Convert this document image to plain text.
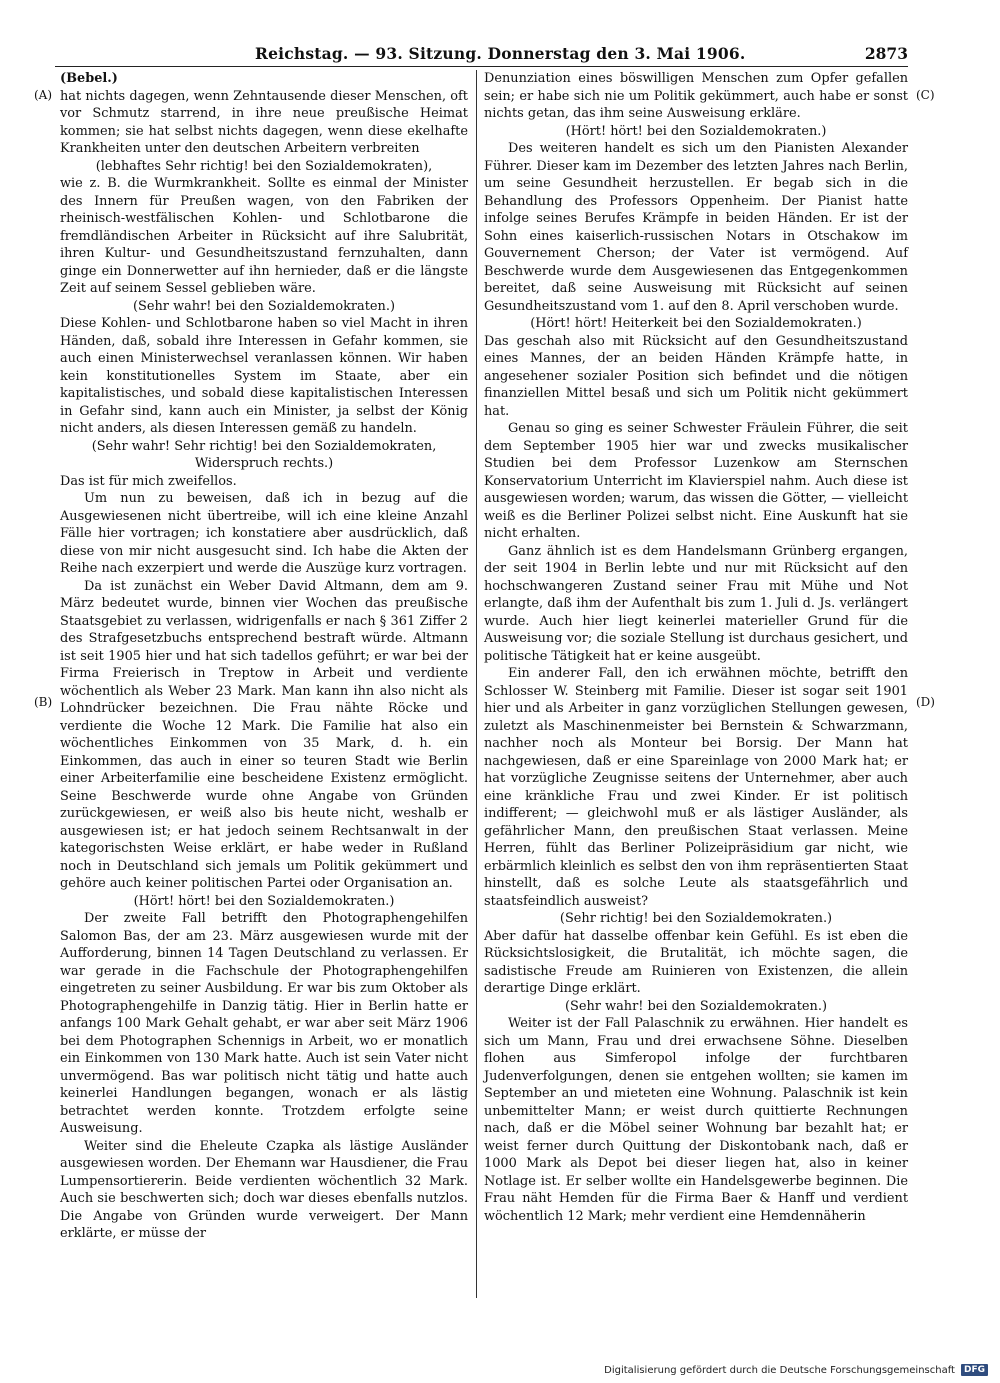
Reichstag. — 93. Sitzung. Donnerstag den 3. Mai 1906.	2873
(A)
(B)
(C)
(D)

(Bebel.)

hat nichts dagegen, wenn Zehntausende dieser Menschen, oft vor Schmutz starrend, in ihre neue preußische Heimat kommen; sie hat selbst nichts dagegen, wenn diese ekelhafte Krankheiten unter den deutschen Arbeitern verbreiten

(lebhaftes Sehr richtig! bei den Sozialdemokraten),

wie z. B. die Wurmkrankheit. Sollte es einmal der Minister des Innern für Preußen wagen, von den Fabriken der rheinisch-westfälischen Kohlen- und Schlotbarone die fremdländischen Arbeiter in Rücksicht auf ihre Salubrität, ihren Kultur- und Gesundheitszustand fernzuhalten, dann ginge ein Donnerwetter auf ihn hernieder, daß er die längste Zeit auf seinem Sessel geblieben wäre.

(Sehr wahr! bei den Sozialdemokraten.)

Diese Kohlen- und Schlotbarone haben so viel Macht in ihren Händen, daß, sobald ihre Interessen in Gefahr kommen, sie auch einen Ministerwechsel veranlassen können. Wir haben kein konstitutionelles System im Staate, aber ein kapitalistisches, und sobald diese kapitalistischen Interessen in Gefahr sind, kann auch ein Minister, ja selbst der König nicht anders, als diesen Interessen gemäß zu handeln.

(Sehr wahr! Sehr richtig! bei den Sozialdemokraten, Widerspruch rechts.)

Das ist für mich zweifellos.

Um nun zu beweisen, daß ich in bezug auf die Ausgewiesenen nicht übertreibe, will ich eine kleine Anzahl Fälle hier vortragen; ich konstatiere aber ausdrücklich, daß diese von mir nicht ausgesucht sind. Ich habe die Akten der Reihe nach exzerpiert und werde die Auszüge kurz vortragen.

Da ist zunächst ein Weber David Altmann, dem am 9. März bedeutet wurde, binnen vier Wochen das preußische Staatsgebiet zu verlassen, widrigenfalls er nach § 361 Ziffer 2 des Strafgesetzbuchs entsprechend bestraft würde. Altmann ist seit 1905 hier und hat sich tadellos geführt; er war bei der Firma Freierisch in Treptow in Arbeit und verdiente wöchentlich als Weber 23 Mark. Man kann ihn also nicht als Lohndrücker bezeichnen. Die Frau nähte Röcke und verdiente die Woche 12 Mark. Die Familie hat also ein wöchentliches Einkommen von 35 Mark, d. h. ein Einkommen, das auch in einer so teuren Stadt wie Berlin einer Arbeiterfamilie eine bescheidene Existenz ermöglicht. Seine Beschwerde wurde ohne Angabe von Gründen zurückgewiesen, er weiß also bis heute nicht, weshalb er ausgewiesen ist; er hat jedoch seinem Rechtsanwalt in der kategorischsten Weise erklärt, er habe weder in Rußland noch in Deutschland sich jemals um Politik gekümmert und gehöre auch keiner politischen Partei oder Organisation an.

(Hört! hört! bei den Sozialdemokraten.)

Der zweite Fall betrifft den Photographengehilfen Salomon Bas, der am 23. März ausgewiesen wurde mit der Aufforderung, binnen 14 Tagen Deutschland zu verlassen. Er war gerade in die Fachschule der Photographengehilfen eingetreten zu seiner Ausbildung. Er war bis zum Oktober als Photographengehilfe in Danzig tätig. Hier in Berlin hatte er anfangs 100 Mark Gehalt gehabt, er war aber seit März 1906 bei dem Photographen Schennigs in Arbeit, wo er monatlich ein Einkommen von 130 Mark hatte. Auch ist sein Vater nicht unvermögend. Bas war politisch nicht tätig und hatte auch keinerlei Handlungen begangen, wonach er als lästig betrachtet werden konnte. Trotzdem erfolgte seine Ausweisung.

Weiter sind die Eheleute Czapka als lästige Ausländer ausgewiesen worden. Der Ehemann war Hausdiener, die Frau Lumpensortiererin. Beide verdienten wöchentlich 32 Mark. Auch sie beschwerten sich; doch war dieses ebenfalls nutzlos. Die Angabe von Gründen wurde verweigert. Der Mann erklärte, er müsse der

Denunziation eines böswilligen Menschen zum Opfer gefallen sein; er habe sich nie um Politik gekümmert, auch habe er sonst nichts getan, das ihm seine Ausweisung erkläre.

(Hört! hört! bei den Sozialdemokraten.)

Des weiteren handelt es sich um den Pianisten Alexander Führer. Dieser kam im Dezember des letzten Jahres nach Berlin, um seine Gesundheit herzustellen. Er begab sich in die Behandlung des Professors Oppenheim. Der Pianist hatte infolge seines Berufes Krämpfe in beiden Händen. Er ist der Sohn eines kaiserlich-russischen Notars in Otschakow im Gouvernement Cherson; der Vater ist vermögend. Auf Beschwerde wurde dem Ausgewiesenen das Entgegenkommen bereitet, daß seine Ausweisung mit Rücksicht auf seinen Gesundheitszustand vom 1. auf den 8. April verschoben wurde.

(Hört! hört! Heiterkeit bei den Sozialdemokraten.)

Das geschah also mit Rücksicht auf den Gesundheitszustand eines Mannes, der an beiden Händen Krämpfe hatte, in angesehener sozialer Position sich befindet und die nötigen finanziellen Mittel besaß und sich um Politik nicht gekümmert hat.

Genau so ging es seiner Schwester Fräulein Führer, die seit dem September 1905 hier war und zwecks musikalischer Studien bei dem Professor Luzenkow am Sternschen Konservatorium Unterricht im Klavierspiel nahm. Auch diese ist ausgewiesen worden; warum, das wissen die Götter, — vielleicht weiß es die Berliner Polizei selbst nicht. Eine Auskunft hat sie nicht erhalten.

Ganz ähnlich ist es dem Handelsmann Grünberg ergangen, der seit 1904 in Berlin lebte und nur mit Rücksicht auf den hochschwangeren Zustand seiner Frau mit Mühe und Not erlangte, daß ihm der Aufenthalt bis zum 1. Juli d. Js. verlängert wurde. Auch hier liegt keinerlei materieller Grund für die Ausweisung vor; die soziale Stellung ist durchaus gesichert, und politische Tätigkeit hat er keine ausgeübt.

Ein anderer Fall, den ich erwähnen möchte, betrifft den Schlosser W. Steinberg mit Familie. Dieser ist sogar seit 1901 hier und als Arbeiter in ganz vorzüglichen Stellungen gewesen, zuletzt als Maschinenmeister bei Bernstein & Schwarzmann, nachher noch als Monteur bei Borsig. Der Mann hat nachgewiesen, daß er eine Spareinlage von 2000 Mark hat; er hat vorzügliche Zeugnisse seitens der Unternehmer, aber auch eine kränkliche Frau und zwei Kinder. Er ist politisch indifferent; — gleichwohl muß er als lästiger Ausländer, als gefährlicher Mann, den preußischen Staat verlassen. Meine Herren, fühlt das Berliner Polizeipräsidium gar nicht, wie erbärmlich kleinlich es selbst den von ihm repräsentierten Staat hinstellt, daß es solche Leute als staatsgefährlich und staatsfeindlich ausweist?

(Sehr richtig! bei den Sozialdemokraten.)

Aber dafür hat dasselbe offenbar kein Gefühl. Es ist eben die Rücksichtslosigkeit, die Brutalität, ich möchte sagen, die sadistische Freude am Ruinieren von Existenzen, die allein derartige Dinge erklärt.

(Sehr wahr! bei den Sozialdemokraten.)

Weiter ist der Fall Palaschnik zu erwähnen. Hier handelt es sich um Mann, Frau und drei erwachsene Söhne. Dieselben flohen aus Simferopol infolge der furchtbaren Judenverfolgungen, denen sie entgehen wollten; sie kamen im September an und mieteten eine Wohnung. Palaschnik ist kein unbemittelter Mann; er weist durch quittierte Rechnungen nach, daß er die Möbel seiner Wohnung bar bezahlt hat; er weist ferner durch Quittung der Diskontobank nach, daß er 1000 Mark als Depot bei dieser liegen hat, also in keiner Notlage ist. Er selber wollte ein Handelsgewerbe beginnen. Die Frau näht Hemden für die Firma Baer & Hanff und verdient wöchentlich 12 Mark; mehr verdient eine Hemdennäherin

Digitalisierung gefördert durch die Deutsche Forschungsgemeinschaft	DFG
